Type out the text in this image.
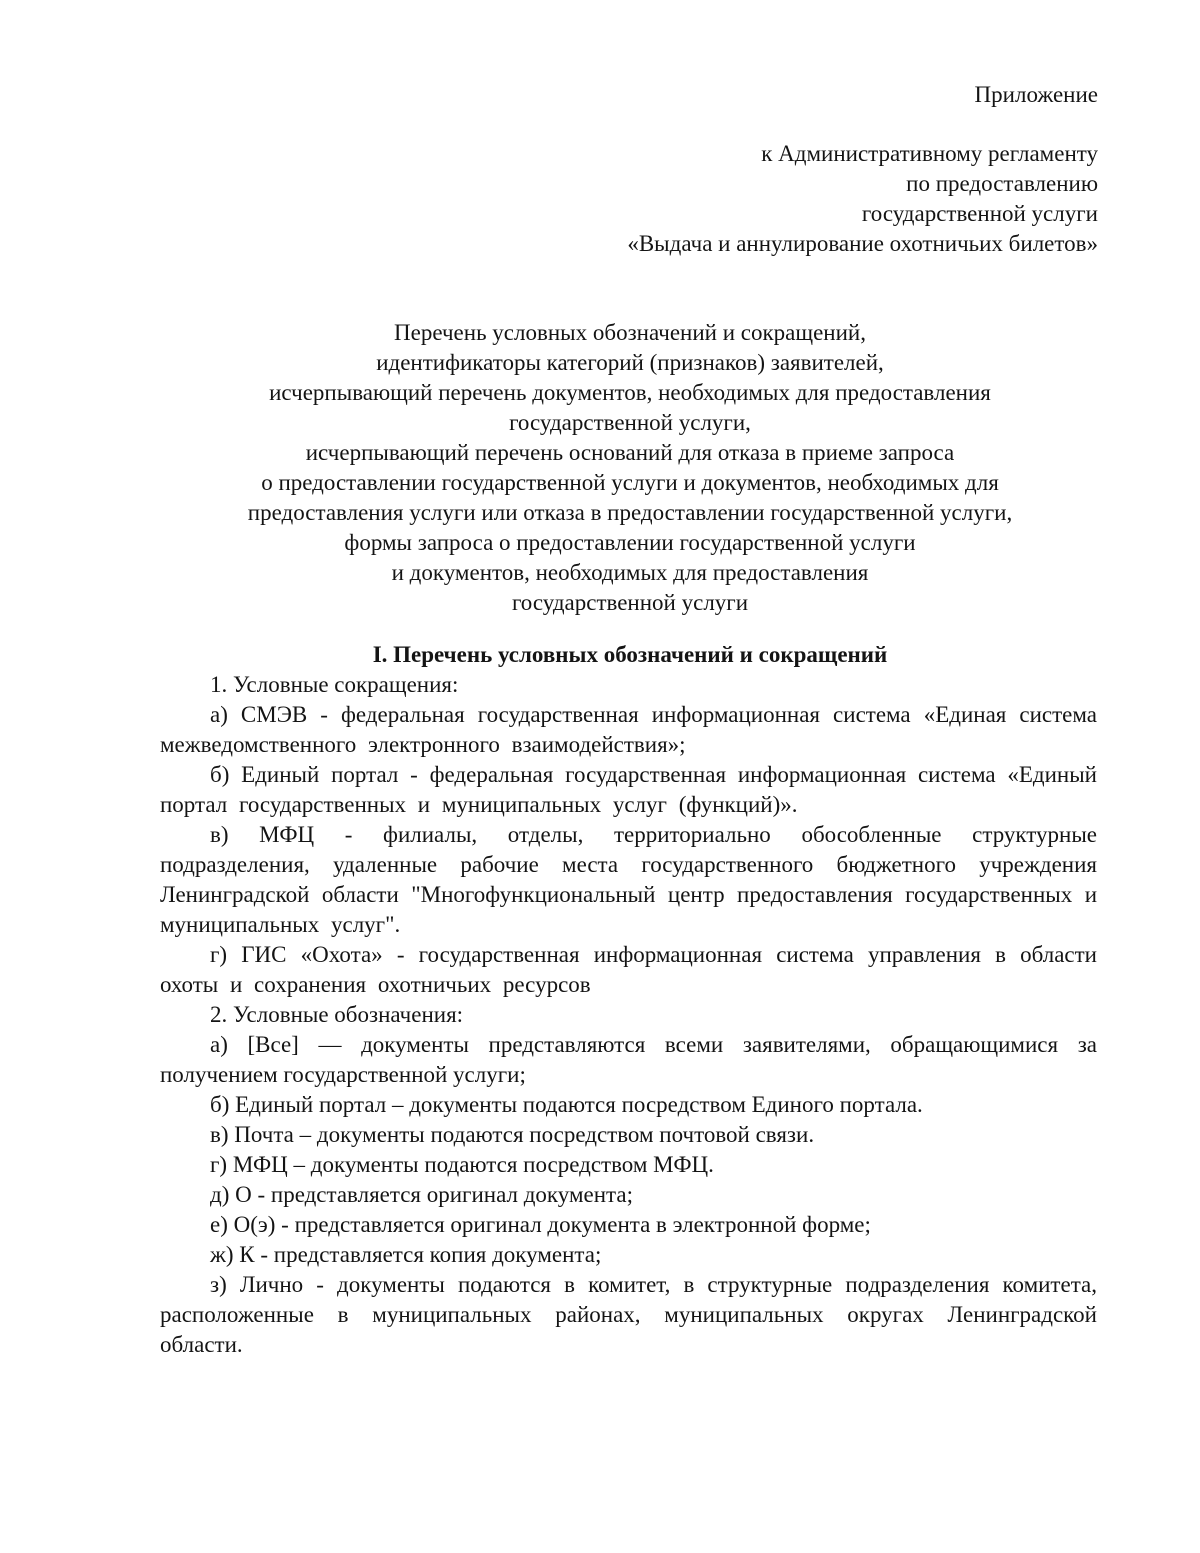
Приложение
к Административному регламенту
по предоставлению
государственной услуги
«Выдача и аннулирование охотничьих билетов»
Перечень условных обозначений и сокращений,
идентификаторы категорий (признаков) заявителей,
исчерпывающий перечень документов, необходимых для предоставления
государственной услуги,
исчерпывающий перечень оснований для отказа в приеме запроса
о предоставлении государственной услуги и документов, необходимых для
предоставления услуги или отказа в предоставлении государственной услуги,
формы запроса о предоставлении государственной услуги
и документов, необходимых для предоставления
государственной услуги
I. Перечень условных обозначений и сокращений

1. Условные сокращения:

а) СМЭВ - федеральная государственная информационная система «Единая система межведомственного электронного взаимодействия»;

б) Единый портал - федеральная государственная информационная система «Единый портал государственных и муниципальных услуг (функций)».

в) МФЦ - филиалы, отделы, территориально обособленные структурные подразделения, удаленные рабочие места государственного бюджетного учреждения Ленинградской области "Многофункциональный центр предоставления государственных и муниципальных услуг".

г) ГИС «Охота» - государственная информационная система управления в области охоты и сохранения охотничьих ресурсов

2. Условные обозначения:

а) [Все] — документы представляются всеми заявителями, обращающимися за получением государственной услуги;

б) Единый портал – документы подаются посредством Единого портала.

в) Почта – документы подаются посредством почтовой связи.

г) МФЦ – документы подаются посредством МФЦ.

д) О - представляется оригинал документа;

е) О(э) - представляется оригинал документа в электронной форме;

ж) К - представляется копия документа;

з) Лично - документы подаются в комитет, в структурные подразделения комитета, расположенные в муниципальных районах, муниципальных округах Ленинградской области.
